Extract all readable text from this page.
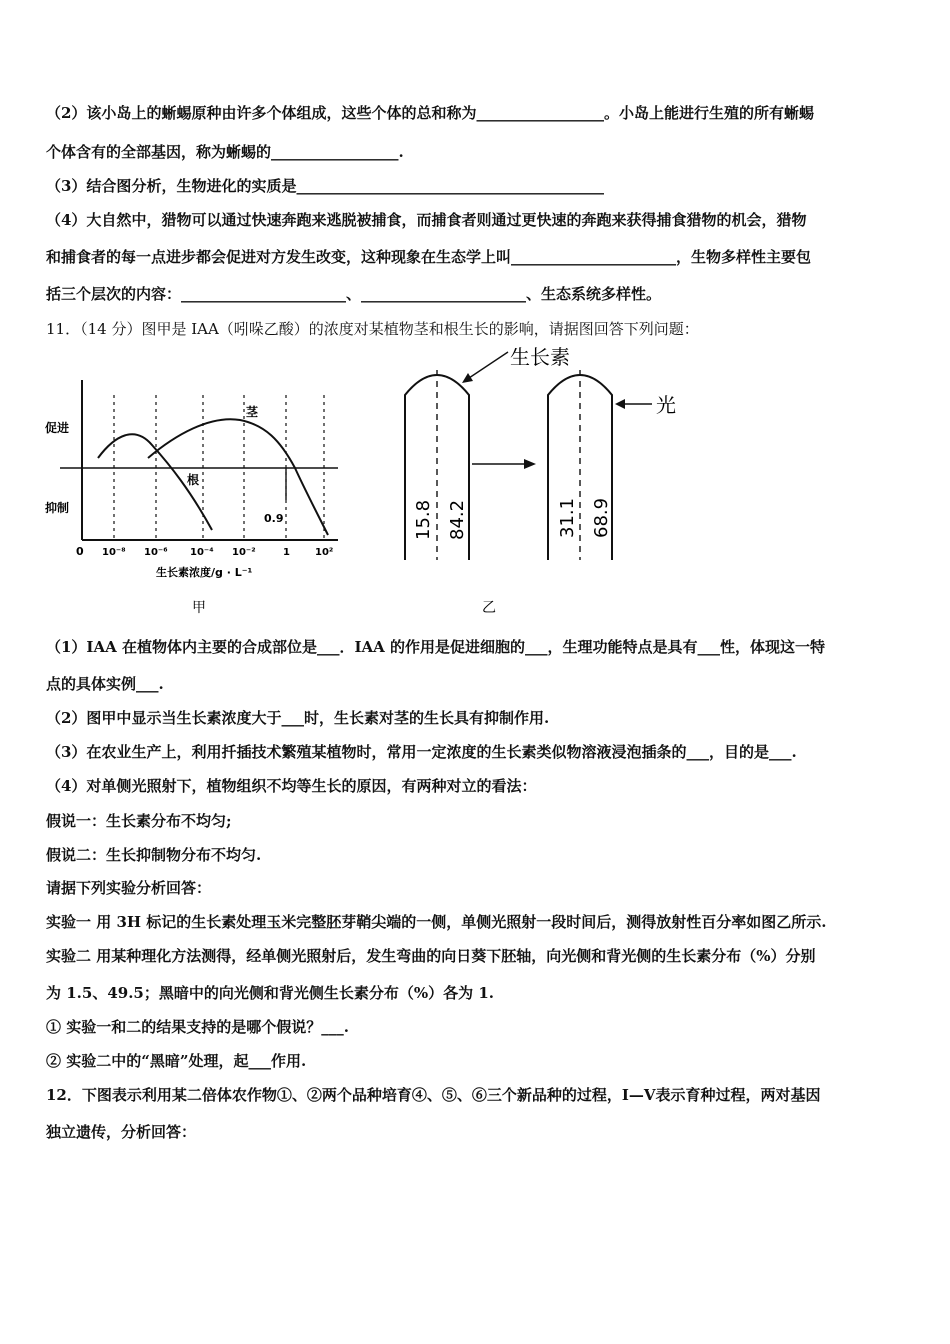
（2）该小岛上的蜥蜴原种由许多个体组成，这些个体的总和称为_________________。小岛上能进行生殖的所有蜥蜴
个体含有的全部基因，称为蜥蜴的_________________.
（3）结合图分析，生物进化的实质是_________________________________________
（4）大自然中，猎物可以通过快速奔跑来逃脱被捕食，而捕食者则通过更快速的奔跑来获得捕食猎物的机会，猎物
和捕食者的每一点进步都会促进对方发生改变，这种现象在生态学上叫______________________，生物多样性主要包
括三个层次的内容：______________________、______________________、生态系统多样性。
11．（14 分）图甲是 IAA（吲哚乙酸）的浓度对某植物茎和根生长的影响，请据图回答下列问题：
促进
抑制
茎
根
0.9
0 10⁻⁸ 10⁻⁶ 10⁻⁴ 10⁻²	1	10²
生长素浓度/g · L⁻¹
甲
15.8 84.2	31.1 68.9
生长素
光
乙
（1）IAA 在植物体内主要的合成部位是___．IAA 的作用是促进细胞的___，生理功能特点是具有___性，体现这一特
点的具体实例___.
（2）图甲中显示当生长素浓度大于___时，生长素对茎的生长具有抑制作用.
（3）在农业生产上，利用扦插技术繁殖某植物时，常用一定浓度的生长素类似物溶液浸泡插条的___，目的是___.
（4）对单侧光照射下，植物组织不均等生长的原因，有两种对立的看法：
假说一：生长素分布不均匀;
假说二：生长抑制物分布不均匀.
请据下列实验分析回答：
实验一 用 3H 标记的生长素处理玉米完整胚芽鞘尖端的一侧，单侧光照射一段时间后，测得放射性百分率如图乙所示.
实验二 用某种理化方法测得，经单侧光照射后，发生弯曲的向日葵下胚轴，向光侧和背光侧的生长素分布（%）分别
为 1.5、49.5；黑暗中的向光侧和背光侧生长素分布（%）各为 1.
① 实验一和二的结果支持的是哪个假说？___.
② 实验二中的“黑暗”处理，起___作用.
12．下图表示利用某二倍体农作物①、②两个品种培育④、⑤、⑥三个新品种的过程，Ⅰ—Ⅴ表示育种过程，两对基因
独立遗传，分析回答：
